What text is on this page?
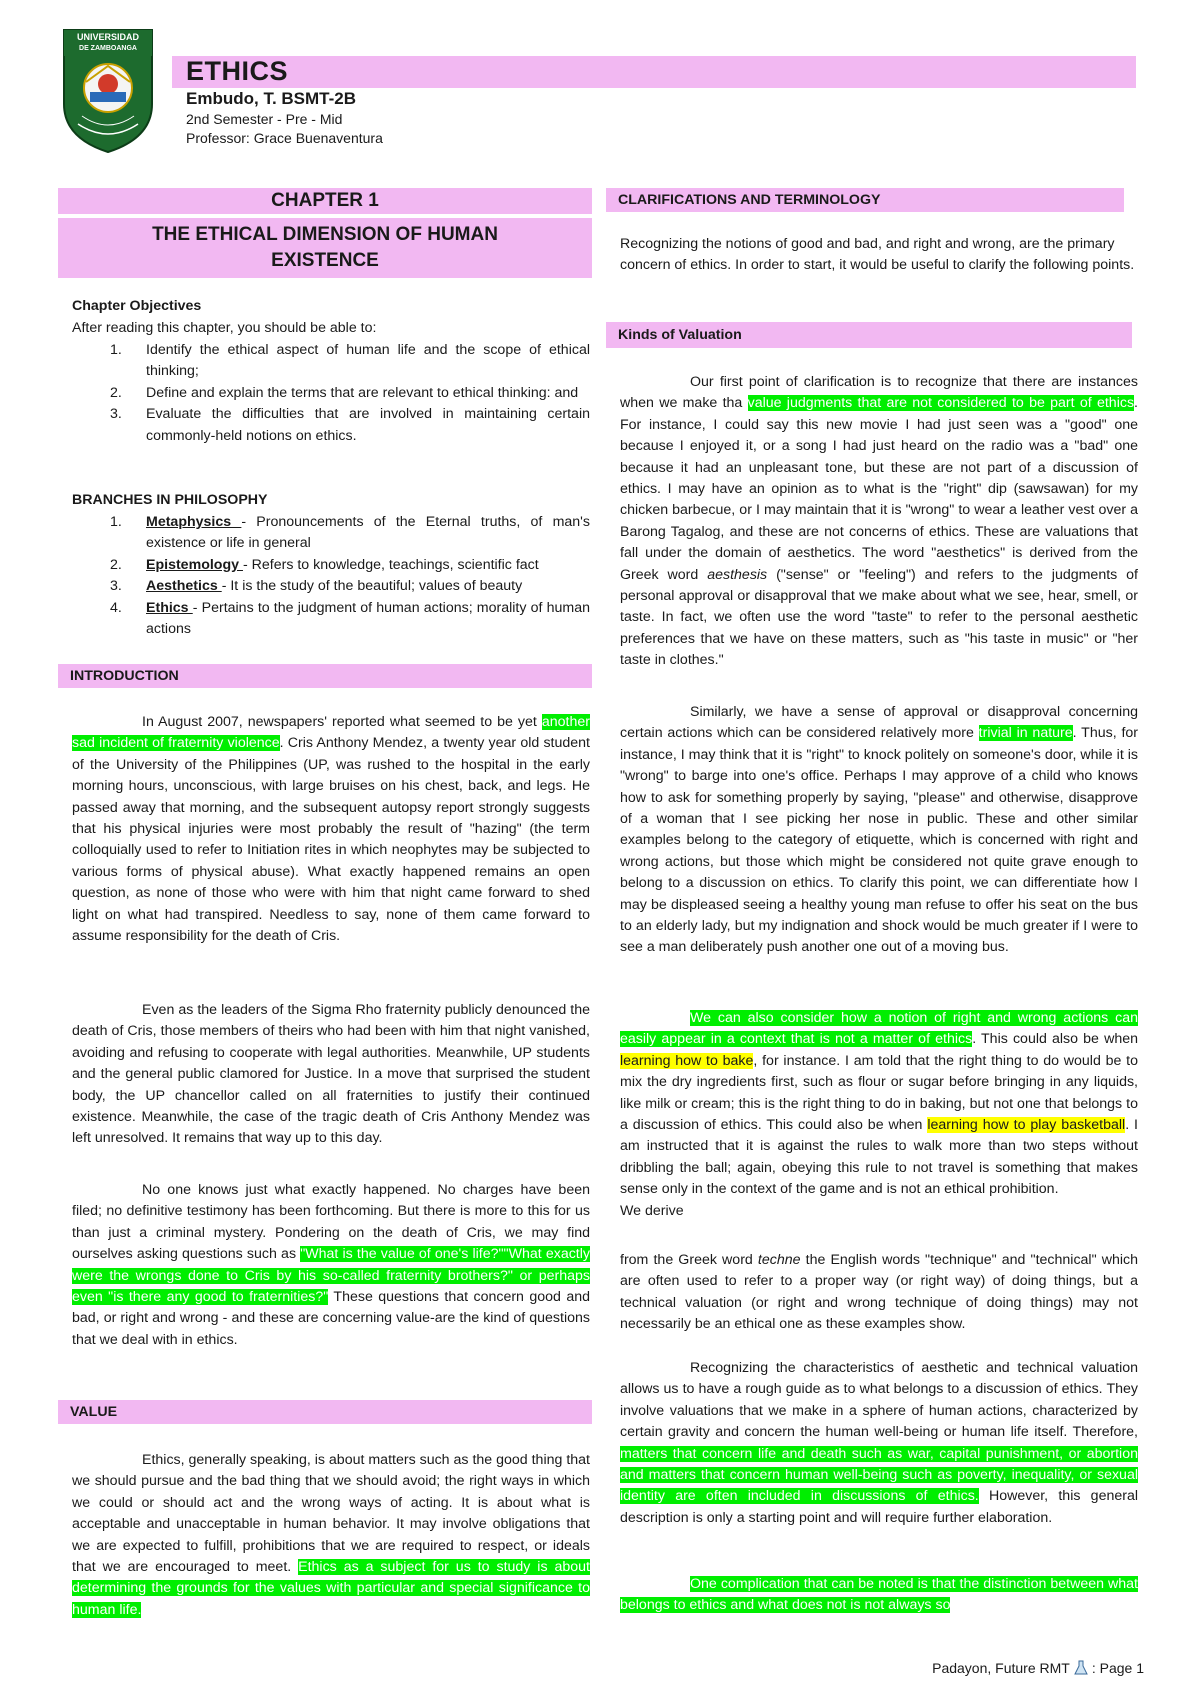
UNIVERSIDAD
DE ZAMBOANGA
ETHICS
Embudo, T. BSMT-2B
2nd Semester - Pre - Mid
Professor: Grace Buenaventura
CHAPTER 1
THE ETHICAL DIMENSION OF HUMAN EXISTENCE
Chapter Objectives
After reading this chapter, you should be able to:
1. Identify the ethical aspect of human life and the scope of ethical thinking;
2. Define and explain the terms that are relevant to ethical thinking: and
3. Evaluate the difficulties that are involved in maintaining certain commonly-held notions on ethics.
BRANCHES IN PHILOSOPHY
1. Metaphysics - Pronouncements of the Eternal truths, of man's existence or life in general
2. Epistemology - Refers to knowledge, teachings, scientific fact
3. Aesthetics - It is the study of the beautiful; values of beauty
4. Ethics - Pertains to the judgment of human actions; morality of human actions
INTRODUCTION

In August 2007, newspapers' reported what seemed to be yet another sad incident of fraternity violence. Cris Anthony Mendez, a twenty year old student of the University of the Philippines (UP, was rushed to the hospital in the early morning hours, unconscious, with large bruises on his chest, back, and legs. He passed away that morning, and the subsequent autopsy report strongly suggests that his physical injuries were most probably the result of "hazing" (the term colloquially used to refer to Initiation rites in which neophytes may be subjected to various forms of physical abuse). What exactly happened remains an open question, as none of those who were with him that night came forward to shed light on what had transpired. Needless to say, none of them came forward to assume responsibility for the death of Cris.

Even as the leaders of the Sigma Rho fraternity publicly denounced the death of Cris, those members of theirs who had been with him that night vanished, avoiding and refusing to cooperate with legal authorities. Meanwhile, UP students and the general public clamored for Justice. In a move that surprised the student body, the UP chancellor called on all fraternities to justify their continued existence. Meanwhile, the case of the tragic death of Cris Anthony Mendez was left unresolved. It remains that way up to this day.

No one knows just what exactly happened. No charges have been filed; no definitive testimony has been forthcoming. But there is more to this for us than just a criminal mystery. Pondering on the death of Cris, we may find ourselves asking questions such as "What is the value of one's life?""What exactly were the wrongs done to Cris by his so-called fraternity brothers?" or perhaps even "is there any good to fraternities?" These questions that concern good and bad, or right and wrong - and these are concerning value-are the kind of questions that we deal with in ethics.

VALUE

Ethics, generally speaking, is about matters such as the good thing that we should pursue and the bad thing that we should avoid; the right ways in which we could or should act and the wrong ways of acting. It is about what is acceptable and unacceptable in human behavior. It may involve obligations that we are expected to fulfill, prohibitions that we are required to respect, or ideals that we are encouraged to meet. Ethics as a subject for us to study is about determining the grounds for the values with particular and special significance to human life.

CLARIFICATIONS AND TERMINOLOGY

Recognizing the notions of good and bad, and right and wrong, are the primary concern of ethics. In order to start, it would be useful to clarify the following points.

Kinds of Valuation

Our first point of clarification is to recognize that there are instances when we make tha value judgments that are not considered to be part of ethics. For instance, I could say this new movie I had just seen was a "good" one because I enjoyed it, or a song I had just heard on the radio was a "bad" one because it had an unpleasant tone, but these are not part of a discussion of ethics. I may have an opinion as to what is the "right" dip (sawsawan) for my chicken barbecue, or I may maintain that it is "wrong" to wear a leather vest over a Barong Tagalog, and these are not concerns of ethics. These are valuations that fall under the domain of aesthetics. The word "aesthetics" is derived from the Greek word aesthesis ("sense" or "feeling") and refers to the judgments of personal approval or disapproval that we make about what we see, hear, smell, or taste. In fact, we often use the word "taste" to refer to the personal aesthetic preferences that we have on these matters, such as "his taste in music" or "her taste in clothes."

Similarly, we have a sense of approval or disapproval concerning certain actions which can be considered relatively more trivial in nature. Thus, for instance, I may think that it is "right" to knock politely on someone's door, while it is "wrong" to barge into one's office. Perhaps I may approve of a child who knows how to ask for something properly by saying, "please" and otherwise, disapprove of a woman that I see picking her nose in public. These and other similar examples belong to the category of etiquette, which is concerned with right and wrong actions, but those which might be considered not quite grave enough to belong to a discussion on ethics. To clarify this point, we can differentiate how I may be displeased seeing a healthy young man refuse to offer his seat on the bus to an elderly lady, but my indignation and shock would be much greater if I were to see a man deliberately push another one out of a moving bus.

We can also consider how a notion of right and wrong actions can easily appear in a context that is not a matter of ethics. This could also be when learning how to bake, for instance. I am told that the right thing to do would be to mix the dry ingredients first, such as flour or sugar before bringing in any liquids, like milk or cream; this is the right thing to do in baking, but not one that belongs to a discussion of ethics. This could also be when learning how to play basketball. I am instructed that it is against the rules to walk more than two steps without dribbling the ball; again, obeying this rule to not travel is something that makes sense only in the context of the game and is not an ethical prohibition.
We derive

from the Greek word techne the English words "technique" and "technical" which are often used to refer to a proper way (or right way) of doing things, but a technical valuation (or right and wrong technique of doing things) may not necessarily be an ethical one as these examples show.

Recognizing the characteristics of aesthetic and technical valuation allows us to have a rough guide as to what belongs to a discussion of ethics. They involve valuations that we make in a sphere of human actions, characterized by certain gravity and concern the human well-being or human life itself. Therefore, matters that concern life and death such as war, capital punishment, or abortion and matters that concern human well-being such as poverty, inequality, or sexual identity are often included in discussions of ethics. However, this general description is only a starting point and will require further elaboration.

One complication that can be noted is that the distinction between what belongs to ethics and what does not is not always so

Padayon, Future RMT : Page 1
